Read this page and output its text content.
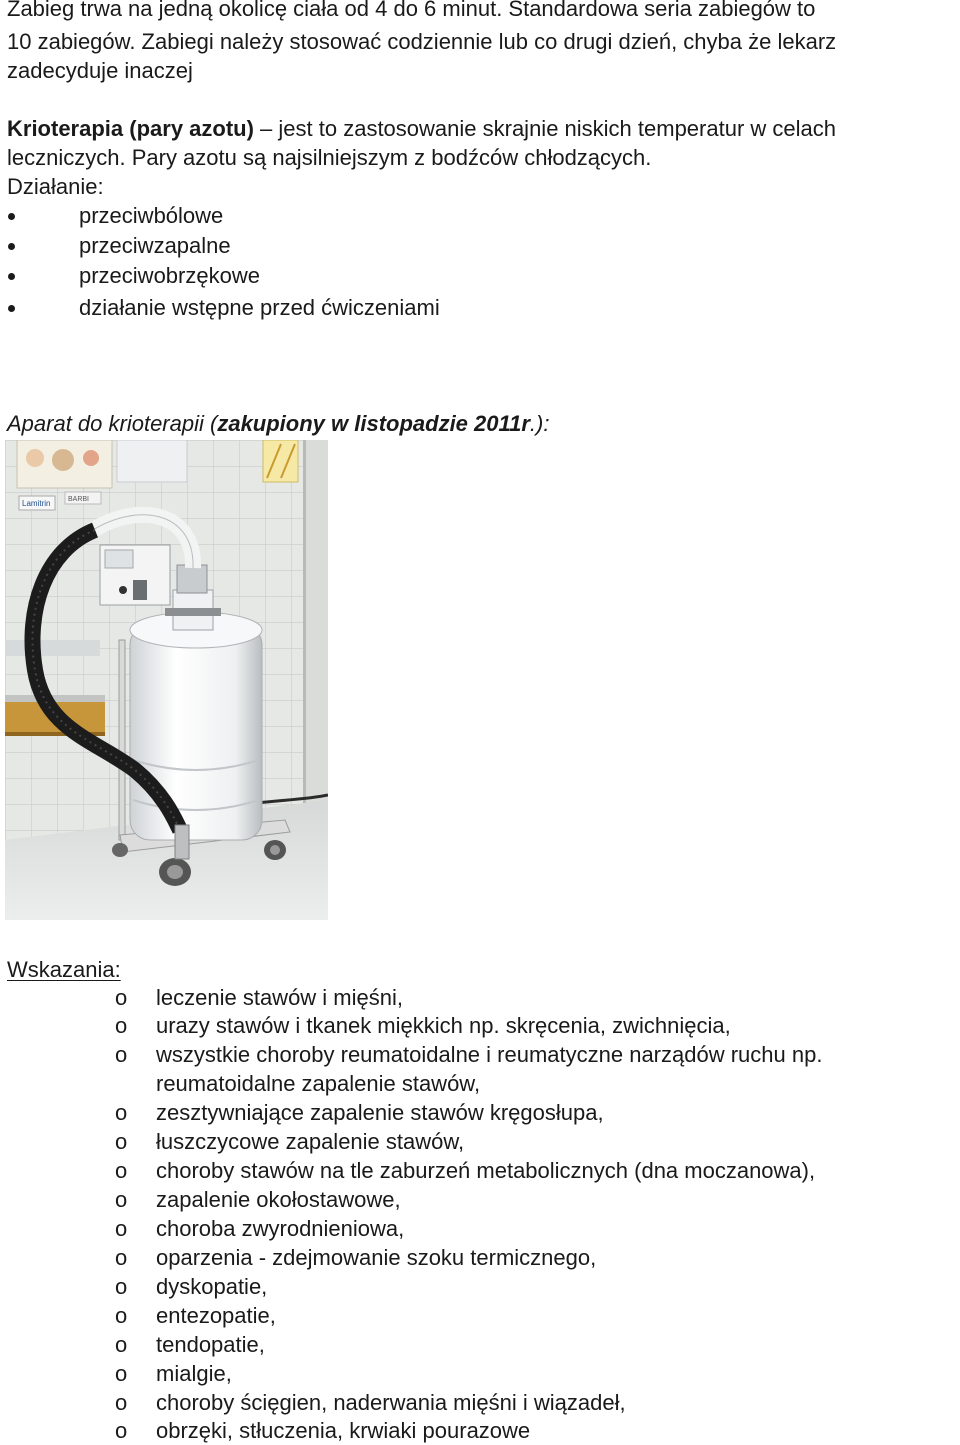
Zabieg trwa na jedną okolicę ciała od 4 do 6 minut. Standardowa seria zabiegów to
10 zabiegów. Zabiegi należy stosować codziennie lub co drugi dzień, chyba że lekarz
zadecyduje inaczej
Krioterapia (pary azotu) – jest to zastosowanie skrajnie niskich temperatur w celach
leczniczych. Pary azotu są najsilniejszym z bodźców chłodzących.
Działanie:
przeciwbólowe
przeciwzapalne
przeciwobrzękowe
działanie wstępne przed ćwiczeniami
Aparat do krioterapii (zakupiony w listopadzie 2011r.):
Lamitrin	BARBI
Wskazania:
o leczenie stawów i mięśni,
o urazy stawów i tkanek miękkich np. skręcenia, zwichnięcia,
o wszystkie choroby reumatoidalne i reumatyczne narządów ruchu np.
reumatoidalne zapalenie stawów,
o zesztywniające zapalenie stawów kręgosłupa,
o łuszczycowe zapalenie stawów,
o choroby stawów na tle zaburzeń metabolicznych (dna moczanowa),
o zapalenie okołostawowe,
o choroba zwyrodnieniowa,
o oparzenia - zdejmowanie szoku termicznego,
o dyskopatie,
o entezopatie,
o tendopatie,
o mialgie,
o choroby ścięgien, naderwania mięśni i wiązadeł,
o obrzęki, stłuczenia, krwiaki pourazowe
